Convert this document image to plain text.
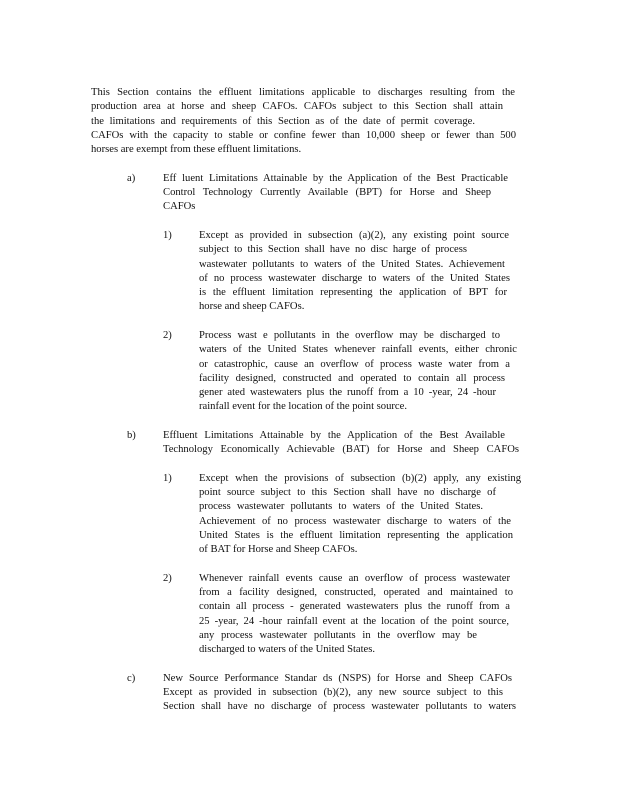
This Section contains the effluent limitations applicable to discharges resulting from the
production area at horse and sheep CAFOs. CAFOs subject to this Section shall attain
the limitations and requirements of this Section as of the date of permit coverage.
CAFOs with the capacity to stable or confine fewer than 10,000 sheep or fewer than 500
horses are exempt from these effluent limitations.
a)	Eff luent Limitations Attainable by the Application of the Best Practicable
Control Technology Currently Available (BPT) for Horse and Sheep
CAFOs
1)	Except as provided in subsection (a)(2), any existing point source
subject to this Section shall have no disc harge of process
wastewater pollutants to waters of the United States. Achievement
of no process wastewater discharge to waters of the United States
is the effluent limitation representing the application of BPT for
horse and sheep CAFOs.
2)	Process wast e pollutants in the overflow may be discharged to
waters of the United States whenever rainfall events, either chronic
or catastrophic, cause an overflow of process waste water from a
facility designed, constructed and operated to contain all process
gener ated wastewaters plus the runoff from a 10 -year, 24 -hour
rainfall event for the location of the point source.
b)	Effluent Limitations Attainable by the Application of the Best Available
Technology Economically Achievable (BAT) for Horse and Sheep CAFOs
1)	Except when the provisions of subsection (b)(2) apply, any existing
point source subject to this Section shall have no discharge of
process wastewater pollutants to waters of the United States.
Achievement of no process wastewater discharge to waters of the
United States is the effluent limitation representing the application
of BAT for Horse and Sheep CAFOs.
2)	Whenever rainfall events cause an overflow of process wastewater
from a facility designed, constructed, operated and maintained to
contain all process - generated wastewaters plus the runoff from a
25 -year, 24 -hour rainfall event at the location of the point source,
any process wastewater pollutants in the overflow may be
discharged to waters of the United States.
c)	New Source Performance Standar ds (NSPS) for Horse and Sheep CAFOs
Except as provided in subsection (b)(2), any new source subject to this
Section shall have no discharge of process wastewater pollutants to waters
